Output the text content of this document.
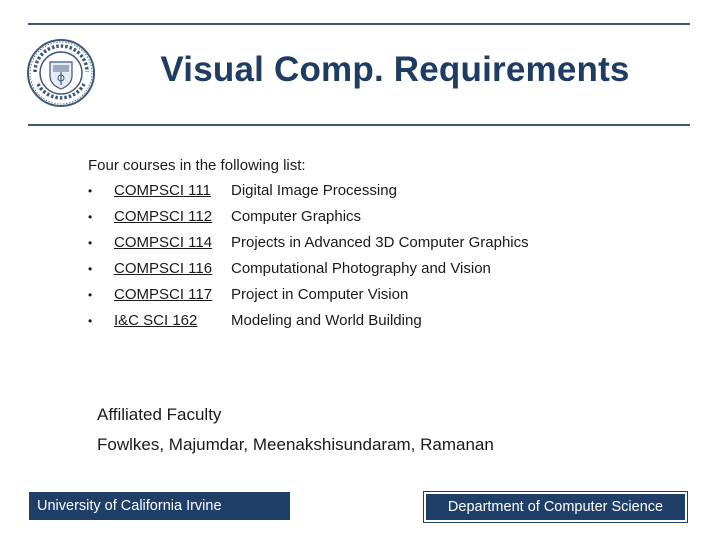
Visual Comp. Requirements
Four courses in the following list:
• COMPSCI 111 Digital Image Processing
• COMPSCI 112 Computer Graphics
• COMPSCI 114 Projects in Advanced 3D Computer Graphics
• COMPSCI 116 Computational Photography and Vision
• COMPSCI 117 Project in Computer Vision
• I&C SCI 162 Modeling and World Building
Affiliated Faculty
Fowlkes, Majumdar, Meenakshisundaram, Ramanan
University of California Irvine	Department of Computer Science
